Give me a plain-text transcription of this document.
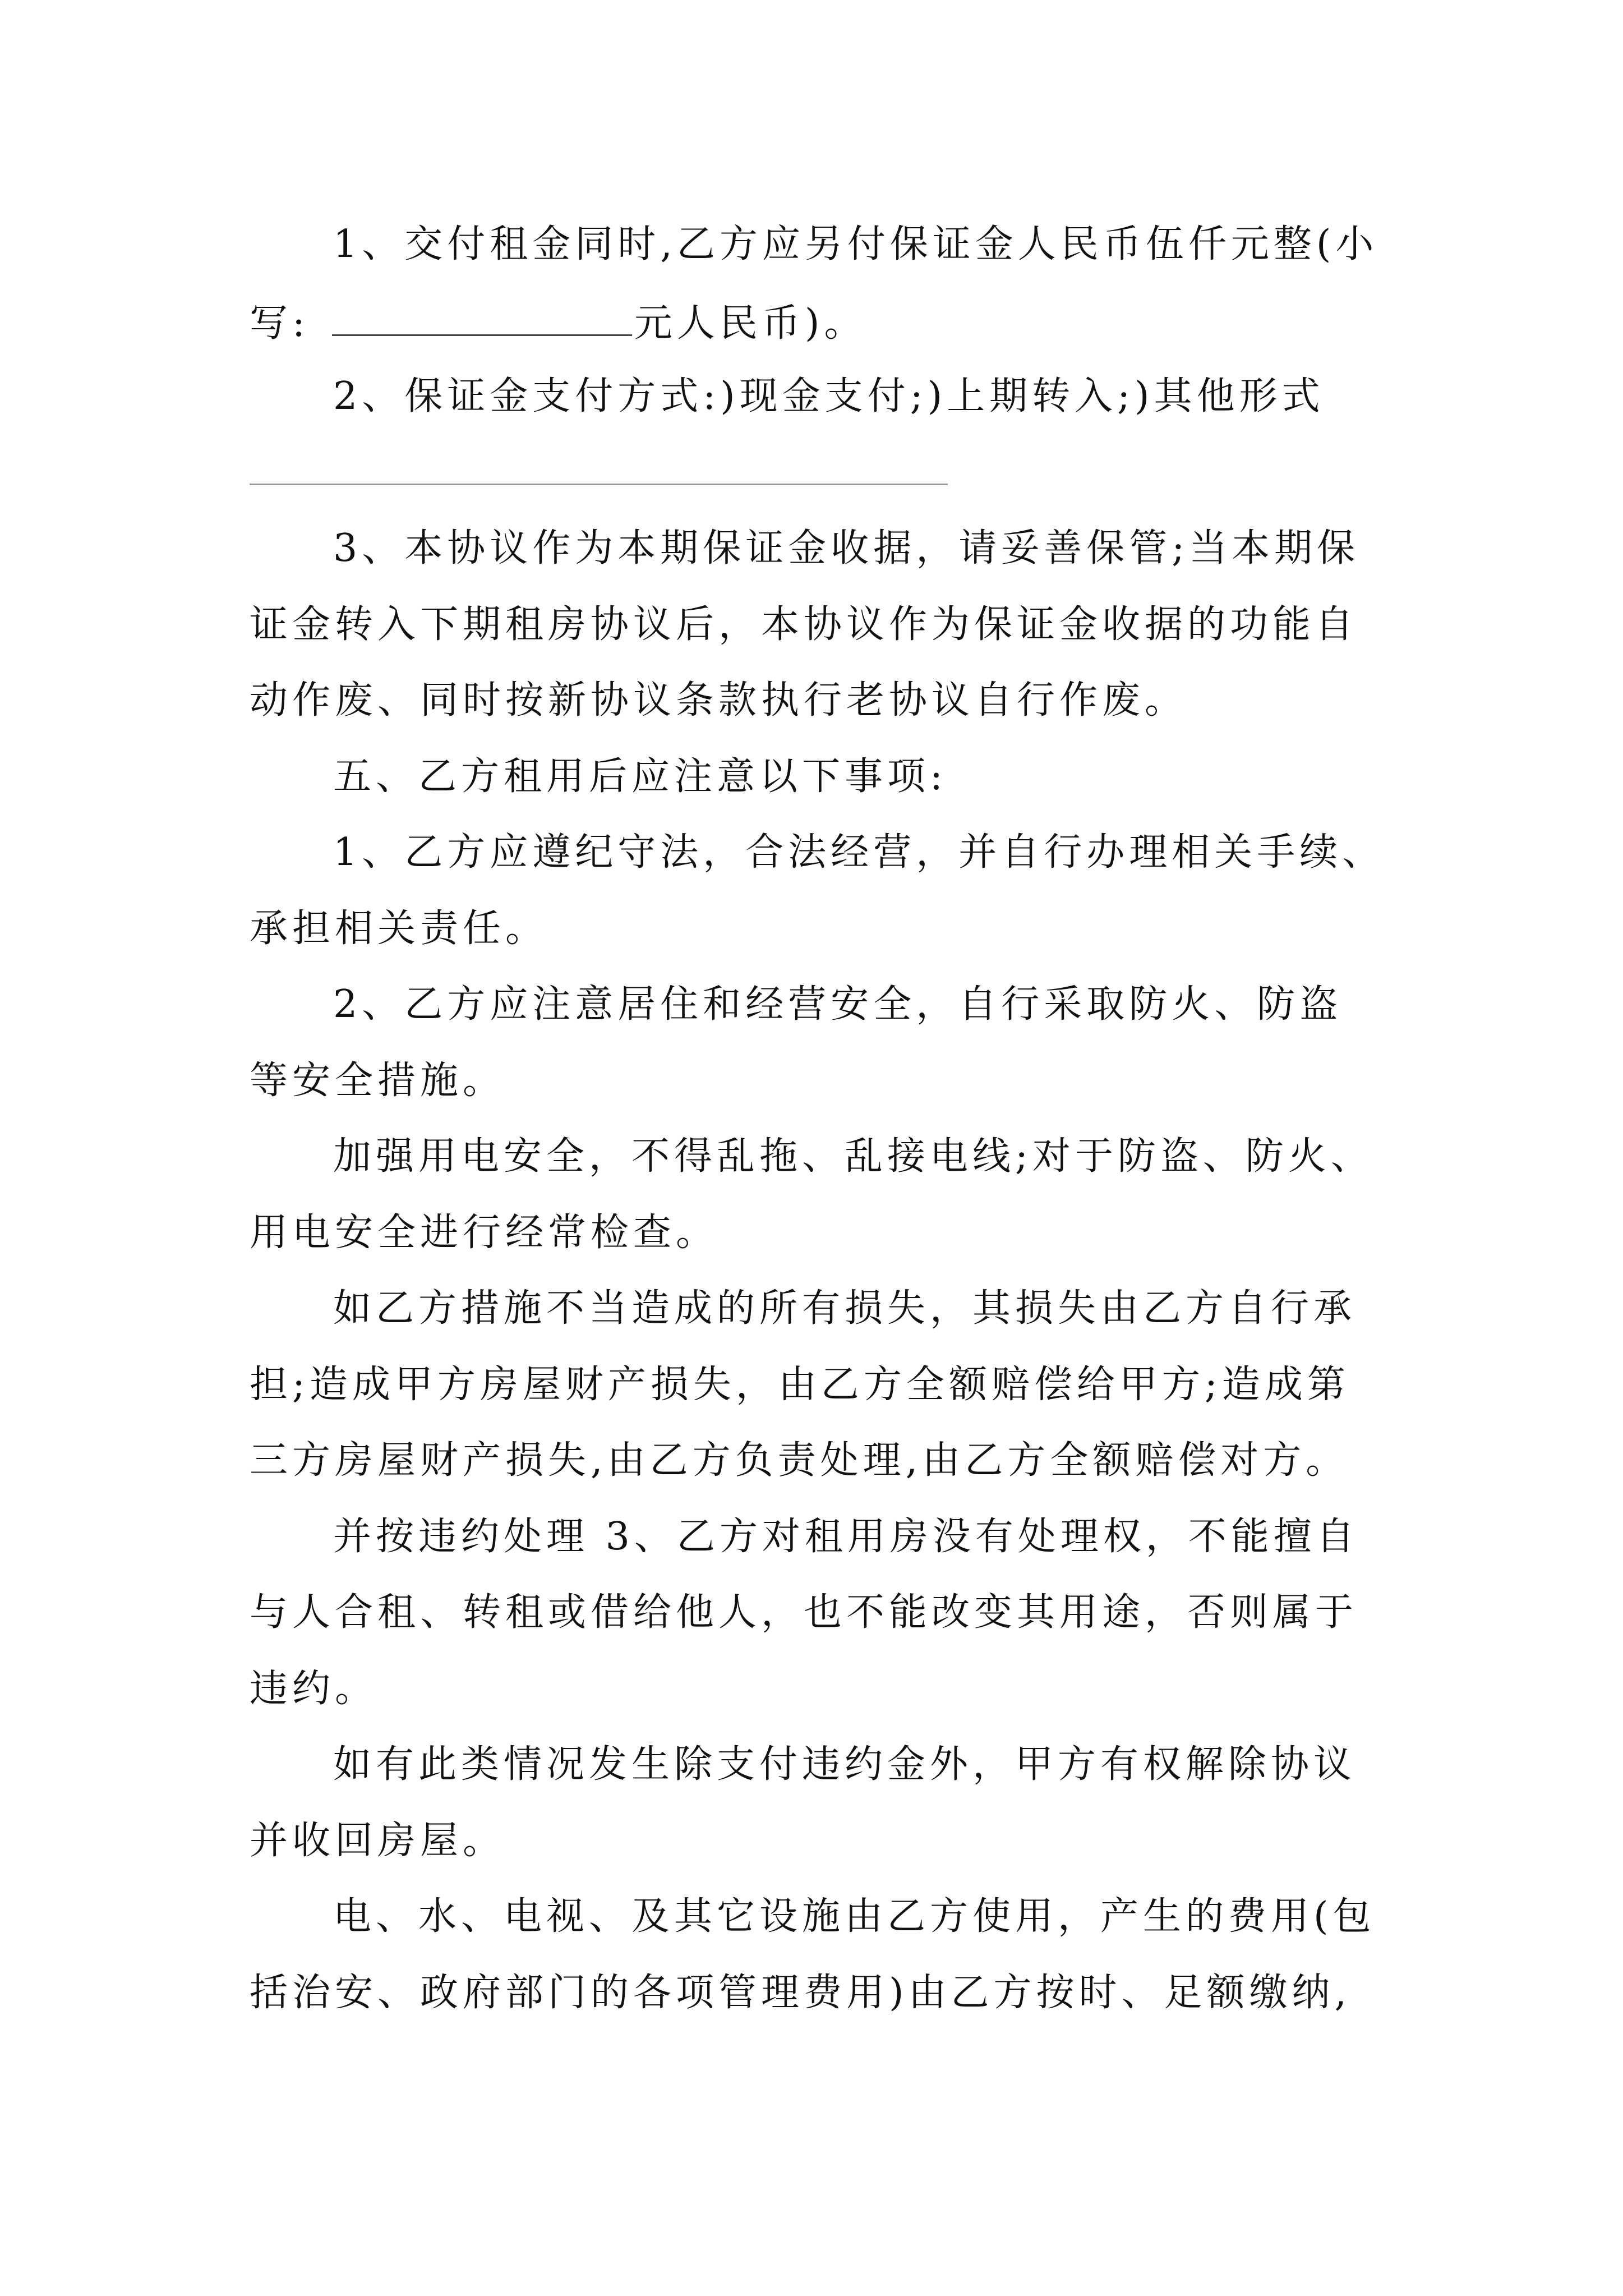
1、交付租金同时,乙方应另付保证金人民币伍仟元整(小
写:	元人民币)。
2、保证金支付方式:)现金支付;)上期转入;)其他形式
3、本协议作为本期保证金收据，请妥善保管;当本期保
证金转入下期租房协议后，本协议作为保证金收据的功能自
动作废、同时按新协议条款执行老协议自行作废。
五、乙方租用后应注意以下事项:
1、乙方应遵纪守法，合法经营，并自行办理相关手续、
承担相关责任。
2、乙方应注意居住和经营安全，自行采取防火、防盗
等安全措施。
加强用电安全，不得乱拖、乱接电线;对于防盗、防火、
用电安全进行经常检查。
如乙方措施不当造成的所有损失，其损失由乙方自行承
担;造成甲方房屋财产损失，由乙方全额赔偿给甲方;造成第
三方房屋财产损失,由乙方负责处理,由乙方全额赔偿对方。
并按违约处理 3、乙方对租用房没有处理权，不能擅自
与人合租、转租或借给他人，也不能改变其用途，否则属于
违约。
如有此类情况发生除支付违约金外，甲方有权解除协议
并收回房屋。
电、水、电视、及其它设施由乙方使用，产生的费用(包
括治安、政府部门的各项管理费用)由乙方按时、足额缴纳,
